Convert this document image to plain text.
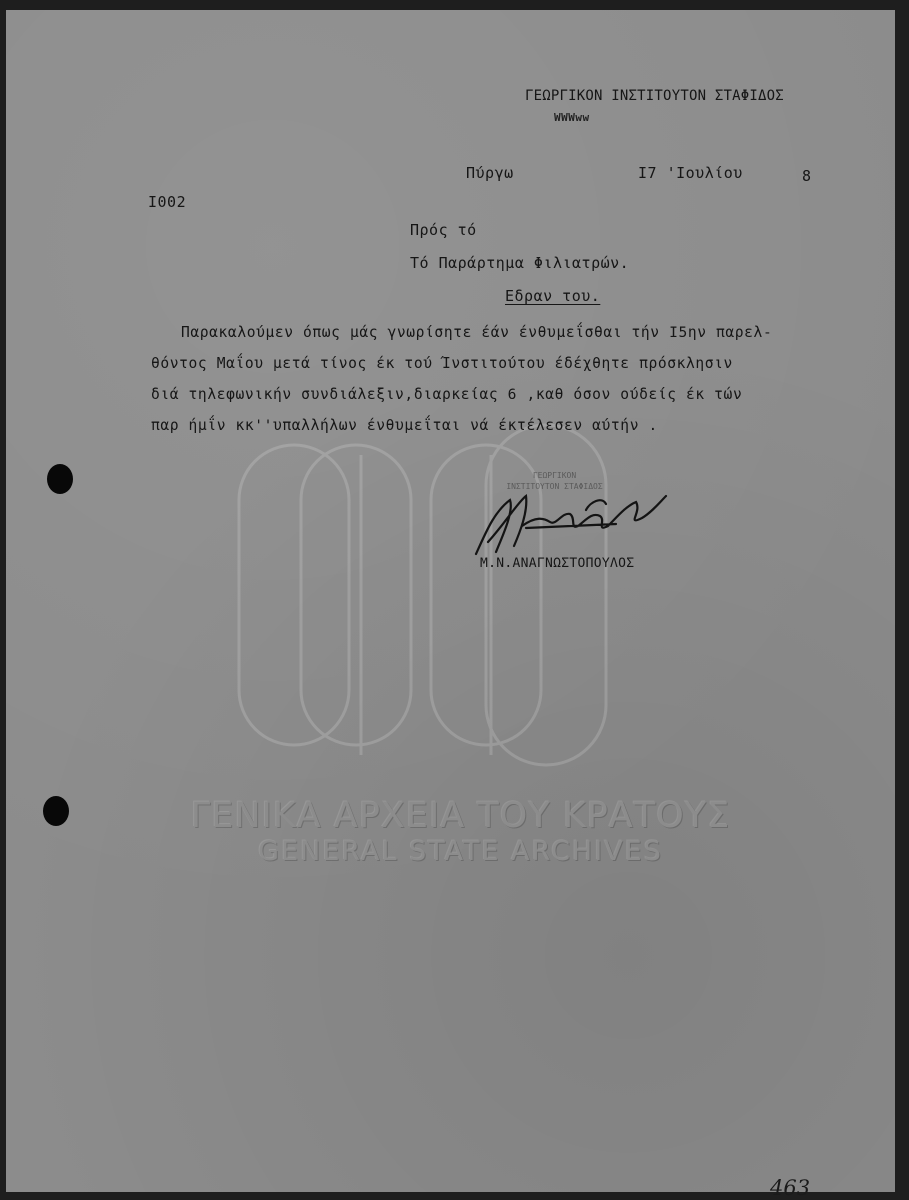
ΓΕΝΙΚΑ ΑΡΧΕΙΑ ΤΟΥ ΚΡΑΤΟΥΣ
GENERAL STATE ARCHIVES

ΓΕΩΡΓΙΚΟΝ ΙΝΣΤΙΤΟΥΤΟΝ ΣΤΑΦΙΔΟΣ

WWWww

Πύργω	I7 'Ιουλίου	8

I002

Πρός τό

Τό Παράρτημα Φιλιατρών.

Εδραν του.

Παρακαλούμεν όπως μάς γνωρίσητε έάν ένθυμεΐσθαι τήν I5ην παρελ-

θόντος Μαΐου μετά τίνος έκ τού Ίνστιτούτου έδέχθητε πρόσκλησιν

διά τηλεφωνικήν συνδιάλεξιν,διαρκείας 6 ,καθ όσον ούδείς έκ τών

παρ ήμΐν κκ''υπαλλήλων ένθυμεΐται νά έκτέλεσεν αύτήν .

ΓΕΩΡΓΙΚΟΝ
ΙΝΣΤΙΤΟΥΤΟΝ ΣΤΑΦΙΔΟΣ

Μ.Ν.ΑΝΑΓΝΩΣΤΟΠΟΥΛΟΣ

463
